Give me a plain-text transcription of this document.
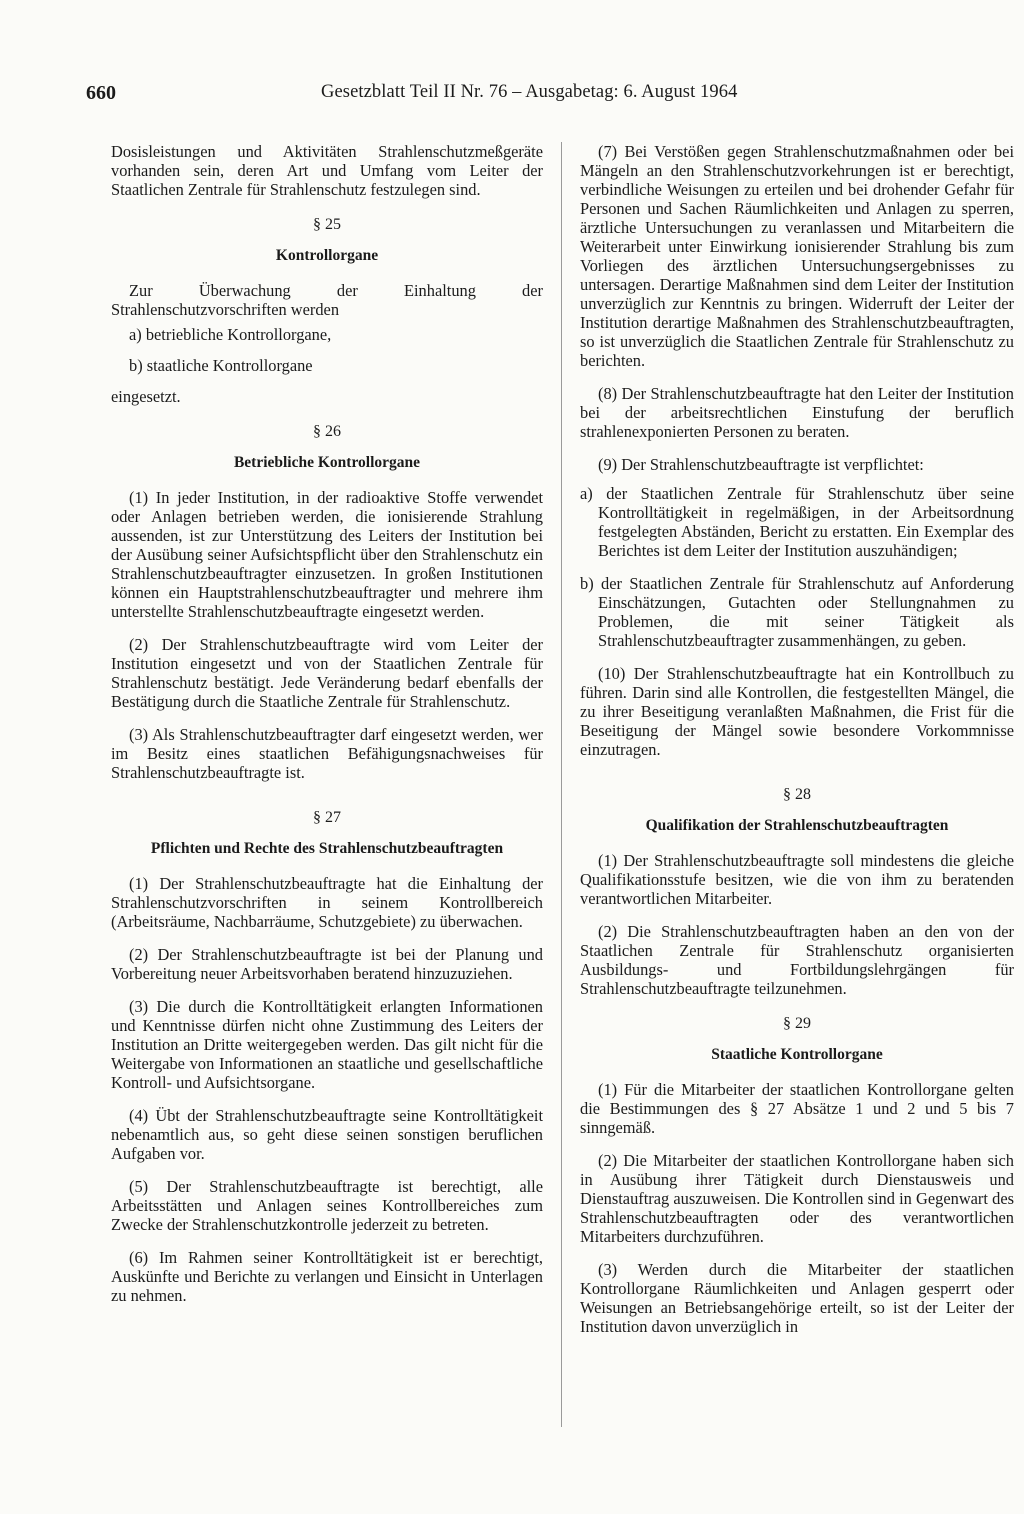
660	Gesetzblatt Teil II Nr. 76 – Ausgabetag: 6. August 1964

Dosisleistungen und Aktivitäten Strahlenschutzmeßgeräte vorhanden sein, deren Art und Umfang vom Leiter der Staatlichen Zentrale für Strahlenschutz festzulegen sind.

§ 25

Kontrollorgane

Zur Überwachung der Einhaltung der Strahlenschutzvorschriften werden

a) betriebliche Kontrollorgane,

b) staatliche Kontrollorgane

eingesetzt.

§ 26

Betriebliche Kontrollorgane

(1) In jeder Institution, in der radioaktive Stoffe verwendet oder Anlagen betrieben werden, die ionisierende Strahlung aussenden, ist zur Unterstützung des Leiters der Institution bei der Ausübung seiner Aufsichtspflicht über den Strahlenschutz ein Strahlenschutzbeauftragter einzusetzen. In großen Institutionen können ein Hauptstrahlenschutzbeauftragter und mehrere ihm unterstellte Strahlenschutzbeauftragte eingesetzt werden.

(2) Der Strahlenschutzbeauftragte wird vom Leiter der Institution eingesetzt und von der Staatlichen Zentrale für Strahlenschutz bestätigt. Jede Veränderung bedarf ebenfalls der Bestätigung durch die Staatliche Zentrale für Strahlenschutz.

(3) Als Strahlenschutzbeauftragter darf eingesetzt werden, wer im Besitz eines staatlichen Befähigungsnachweises für Strahlenschutzbeauftragte ist.

§ 27

Pflichten und Rechte des Strahlenschutzbeauftragten

(1) Der Strahlenschutzbeauftragte hat die Einhaltung der Strahlenschutzvorschriften in seinem Kontrollbereich (Arbeitsräume, Nachbarräume, Schutzgebiete) zu überwachen.

(2) Der Strahlenschutzbeauftragte ist bei der Planung und Vorbereitung neuer Arbeitsvorhaben beratend hinzuzuziehen.

(3) Die durch die Kontrolltätigkeit erlangten Informationen und Kenntnisse dürfen nicht ohne Zustimmung des Leiters der Institution an Dritte weitergegeben werden. Das gilt nicht für die Weitergabe von Informationen an staatliche und gesellschaftliche Kontroll- und Aufsichtsorgane.

(4) Übt der Strahlenschutzbeauftragte seine Kontrolltätigkeit nebenamtlich aus, so geht diese seinen sonstigen beruflichen Aufgaben vor.

(5) Der Strahlenschutzbeauftragte ist berechtigt, alle Arbeitsstätten und Anlagen seines Kontrollbereiches zum Zwecke der Strahlenschutzkontrolle jederzeit zu betreten.

(6) Im Rahmen seiner Kontrolltätigkeit ist er berechtigt, Auskünfte und Berichte zu verlangen und Einsicht in Unterlagen zu nehmen.

(7) Bei Verstößen gegen Strahlenschutzmaßnahmen oder bei Mängeln an den Strahlenschutzvorkehrungen ist er berechtigt, verbindliche Weisungen zu erteilen und bei drohender Gefahr für Personen und Sachen Räumlichkeiten und Anlagen zu sperren, ärztliche Untersuchungen zu veranlassen und Mitarbeitern die Weiterarbeit unter Einwirkung ionisierender Strahlung bis zum Vorliegen des ärztlichen Untersuchungsergebnisses zu untersagen. Derartige Maßnahmen sind dem Leiter der Institution unverzüglich zur Kenntnis zu bringen. Widerruft der Leiter der Institution derartige Maßnahmen des Strahlenschutzbeauftragten, so ist unverzüglich die Staatlichen Zentrale für Strahlenschutz zu berichten.

(8) Der Strahlenschutzbeauftragte hat den Leiter der Institution bei der arbeitsrechtlichen Einstufung der beruflich strahlenexponierten Personen zu beraten.

(9) Der Strahlenschutzbeauftragte ist verpflichtet:

a) der Staatlichen Zentrale für Strahlenschutz über seine Kontrolltätigkeit in regelmäßigen, in der Arbeitsordnung festgelegten Abständen, Bericht zu erstatten. Ein Exemplar des Berichtes ist dem Leiter der Institution auszuhändigen;

b) der Staatlichen Zentrale für Strahlenschutz auf Anforderung Einschätzungen, Gutachten oder Stellungnahmen zu Problemen, die mit seiner Tätigkeit als Strahlenschutzbeauftragter zusammenhängen, zu geben.

(10) Der Strahlenschutzbeauftragte hat ein Kontrollbuch zu führen. Darin sind alle Kontrollen, die festgestellten Mängel, die zu ihrer Beseitigung veranlaßten Maßnahmen, die Frist für die Beseitigung der Mängel sowie besondere Vorkommnisse einzutragen.

§ 28

Qualifikation der Strahlenschutzbeauftragten

(1) Der Strahlenschutzbeauftragte soll mindestens die gleiche Qualifikationsstufe besitzen, wie die von ihm zu beratenden verantwortlichen Mitarbeiter.

(2) Die Strahlenschutzbeauftragten haben an den von der Staatlichen Zentrale für Strahlenschutz organisierten Ausbildungs- und Fortbildungslehrgängen für Strahlenschutzbeauftragte teilzunehmen.

§ 29

Staatliche Kontrollorgane

(1) Für die Mitarbeiter der staatlichen Kontrollorgane gelten die Bestimmungen des § 27 Absätze 1 und 2 und 5 bis 7 sinngemäß.

(2) Die Mitarbeiter der staatlichen Kontrollorgane haben sich in Ausübung ihrer Tätigkeit durch Dienstausweis und Dienstauftrag auszuweisen. Die Kontrollen sind in Gegenwart des Strahlenschutzbeauftragten oder des verantwortlichen Mitarbeiters durchzuführen.

(3) Werden durch die Mitarbeiter der staatlichen Kontrollorgane Räumlichkeiten und Anlagen gesperrt oder Weisungen an Betriebsangehörige erteilt, so ist der Leiter der Institution davon unverzüglich in
